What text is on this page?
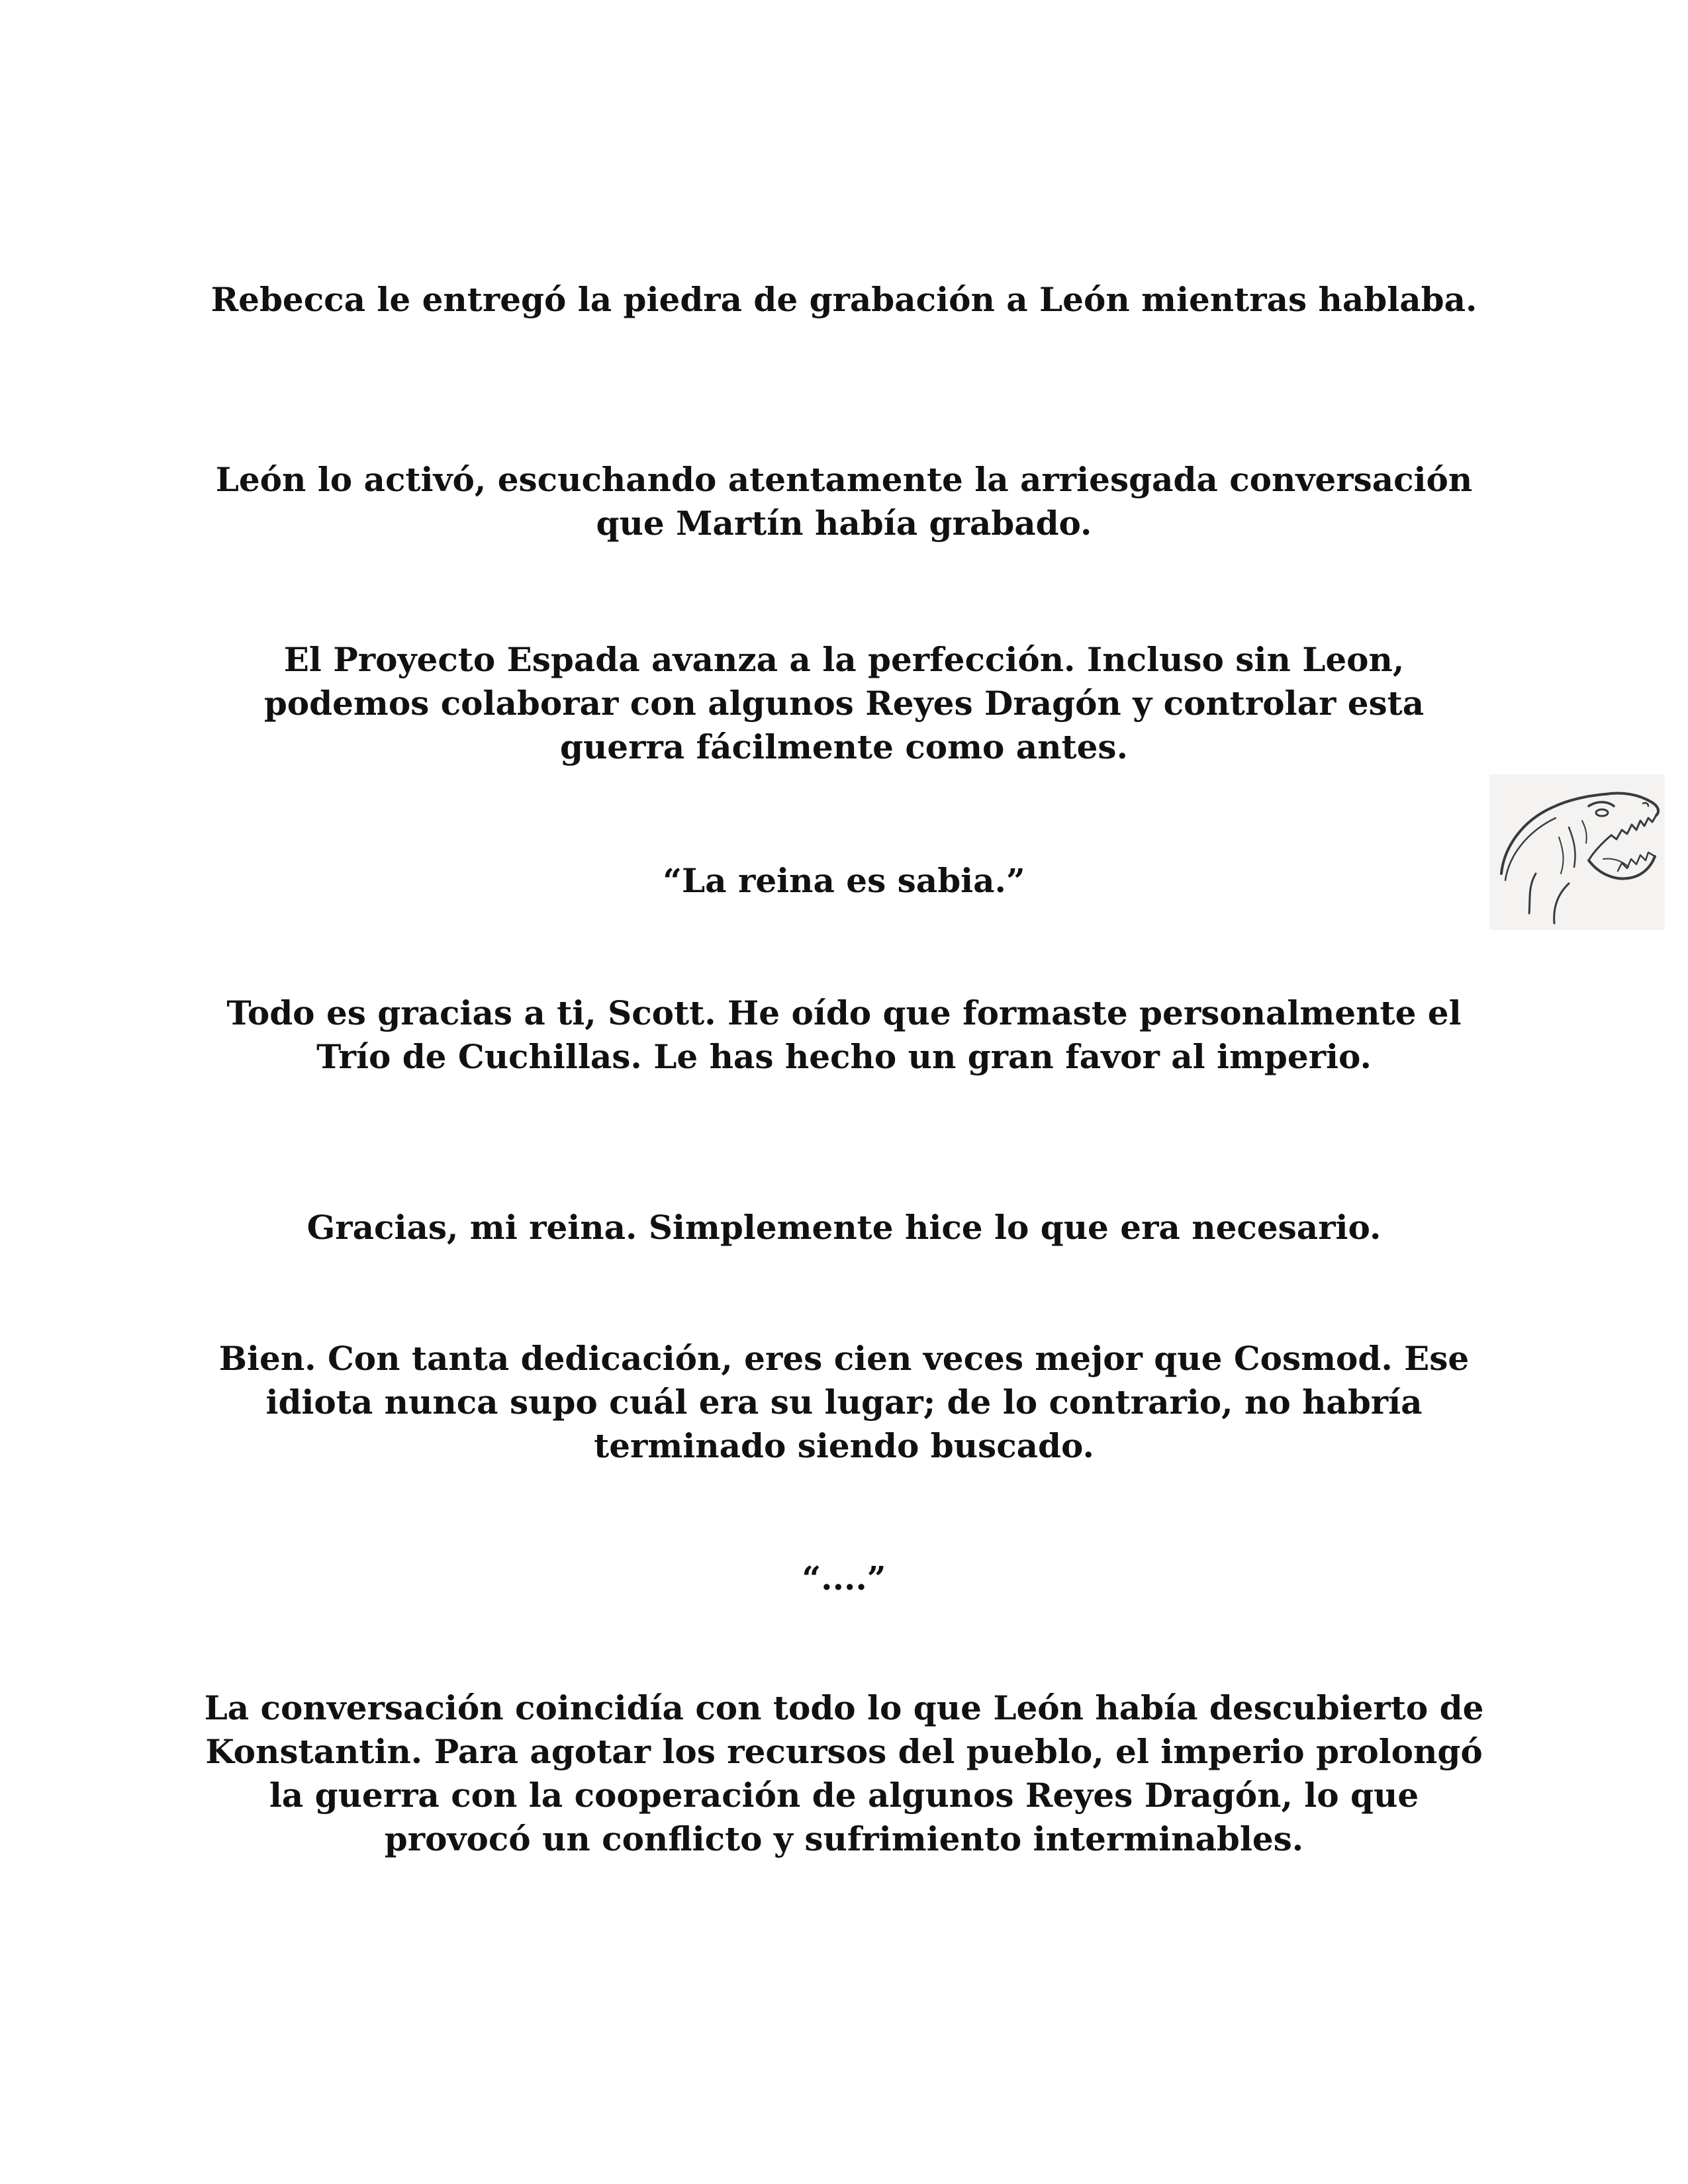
Rebecca le entregó la piedra de grabación a León mientras hablaba.

León lo activó, escuchando atentamente la arriesgada conversación que Martín había grabado.

El Proyecto Espada avanza a la perfección. Incluso sin Leon, podemos colaborar con algunos Reyes Dragón y controlar esta guerra fácilmente como antes.

“La reina es sabia.”

Todo es gracias a ti, Scott. He oído que formaste personalmente el Trío de Cuchillas. Le has hecho un gran favor al imperio.

Gracias, mi reina. Simplemente hice lo que era necesario.

Bien. Con tanta dedicación, eres cien veces mejor que Cosmod. Ese idiota nunca supo cuál era su lugar; de lo contrario, no habría terminado siendo buscado.

“....”

La conversación coincidía con todo lo que León había descubierto de Konstantin. Para agotar los recursos del pueblo, el imperio prolongó la guerra con la cooperación de algunos Reyes Dragón, lo que provocó un conflicto y sufrimiento interminables.
